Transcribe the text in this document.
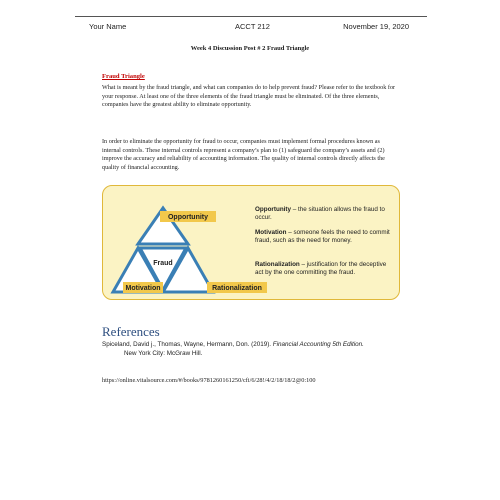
Your Name	ACCT 212	November 19, 2020
Week 4 Discussion Post # 2 Fraud Triangle
Fraud Triangle
What is meant by the fraud triangle, and what can companies do to help prevent fraud? Please refer to the textbook for your response. At least one of the three elements of the fraud triangle must be eliminated. Of the three elements, companies have the greatest ability to eliminate opportunity.
In order to eliminate the opportunity for fraud to occur, companies must implement formal procedures known as internal controls. These internal controls represent a company’s plan to (1) safeguard the company’s assets and (2) improve the accuracy and reliability of accounting information. The quality of internal controls directly affects the quality of financial accounting.
Opportunity
Fraud
Motivation	Rationalization
Opportunity – the situation allows the fraud to occur.
Motivation – someone feels the need to commit fraud, such as the need for money.
Rationalization – justification for the deceptive act by the one committing the fraud.
References
Spiceland, David j., Thomas, Wayne, Hermann, Don. (2019). Financial Accounting 5th Edition.
New York City: McGraw Hill.
https://online.vitalsource.com/#/books/9781260161250/cfi/6/28!/4/2/18/18/2@0:100
